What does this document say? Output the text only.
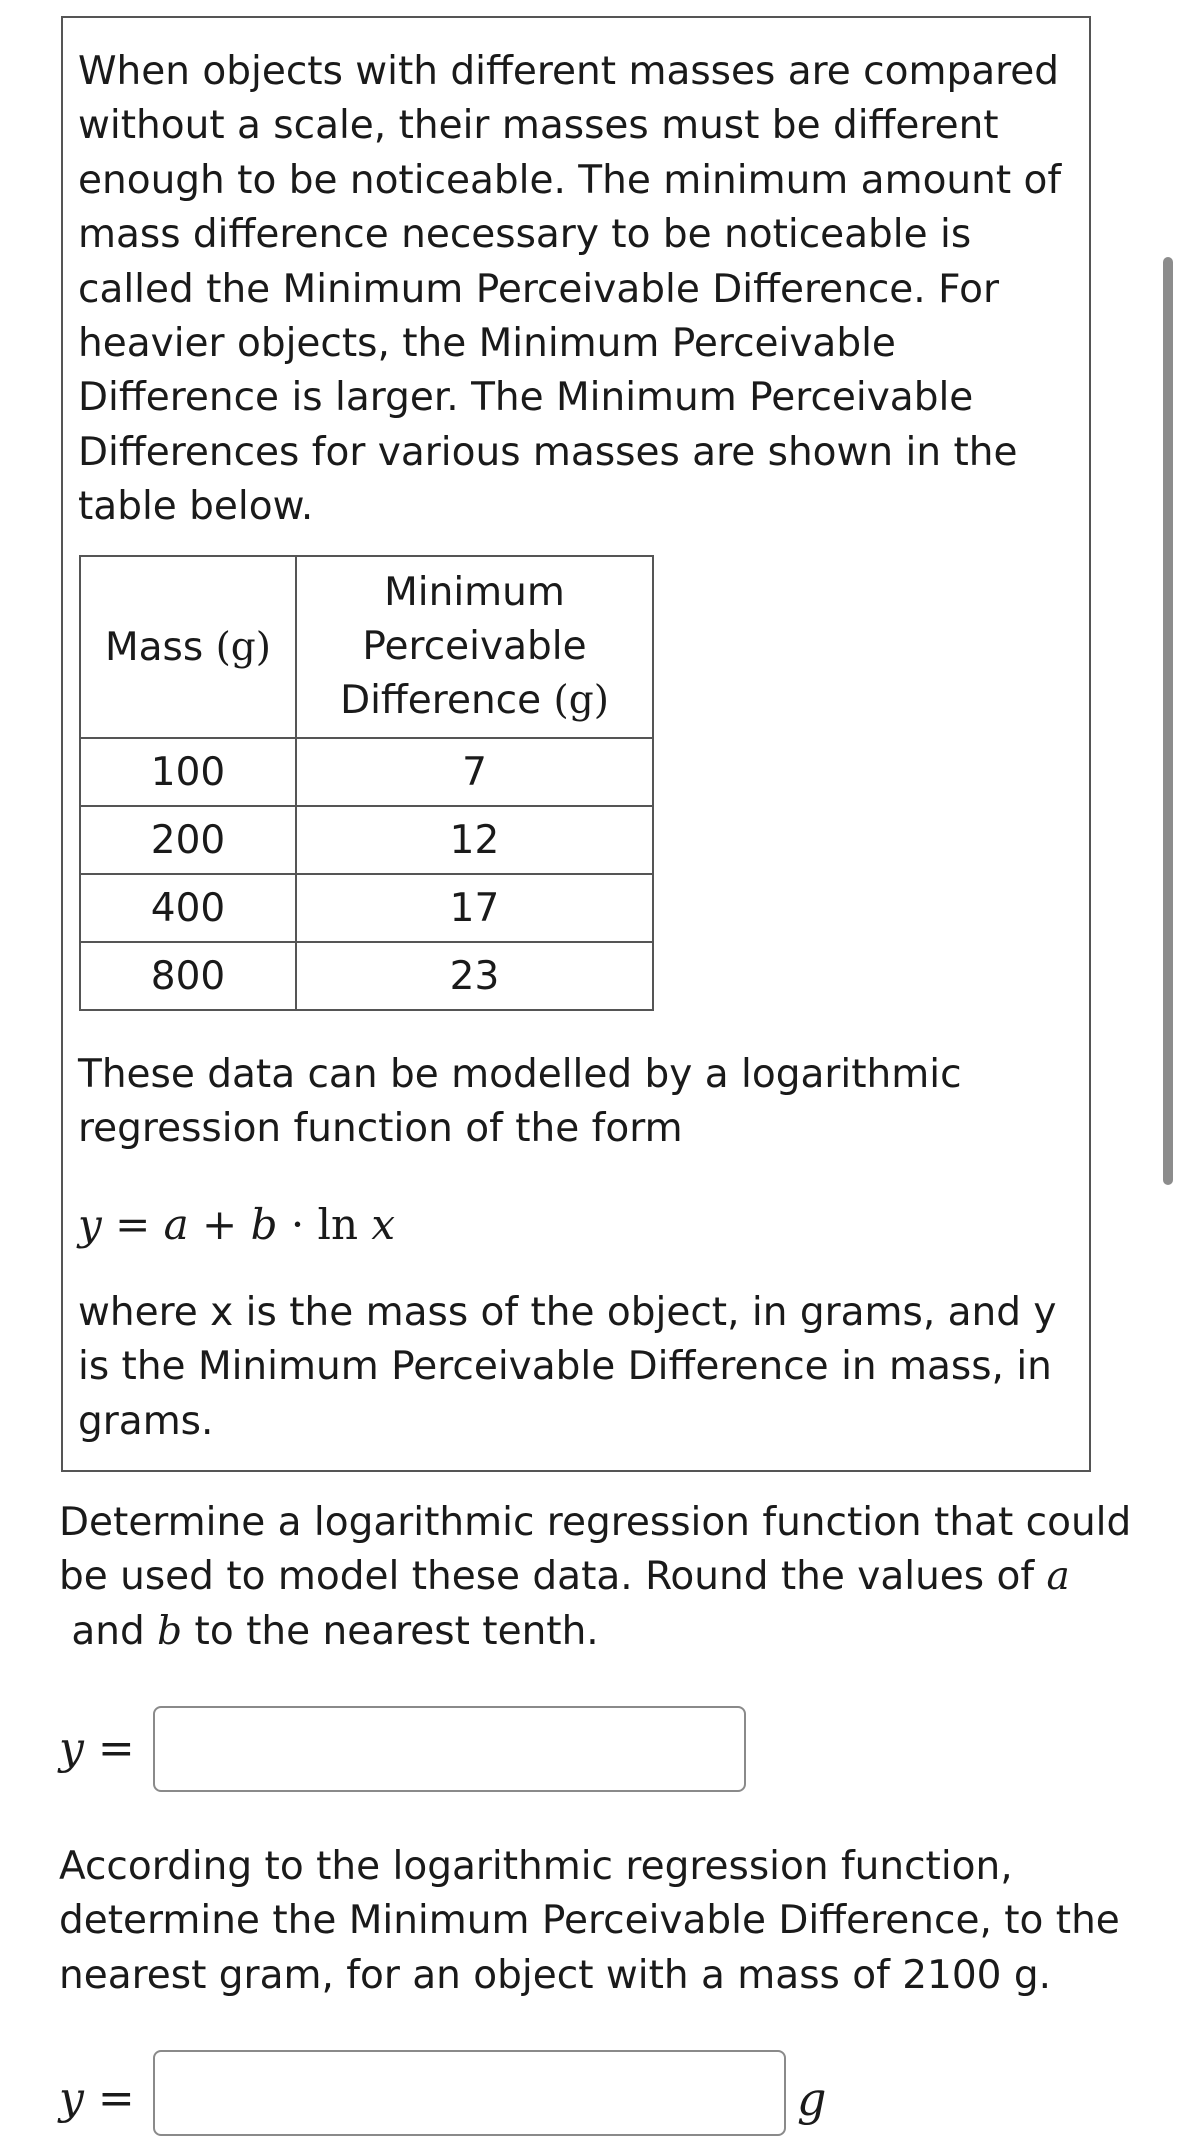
When objects with different masses are compared without a scale, their masses must be different enough to be noticeable. The minimum amount of mass difference necessary to be noticeable is called the Minimum Perceivable Difference. For heavier objects, the Minimum Perceivable Difference is larger. The Minimum Perceivable Differences for various masses are shown in the table below.

Mass (g)	Minimum
Perceivable
Difference (g)
100	7
200	12
400	17
800	23

These data can be modelled by a logarithmic regression function of the form

y = a + b · ln x

where x is the mass of the object, in grams, and y is the Minimum Perceivable Difference in mass, in grams.

Determine a logarithmic regression function that could be used to model these data. Round the values of a and b to the nearest tenth.

y =

According to the logarithmic regression function, determine the Minimum Perceivable Difference, to the nearest gram, for an object with a mass of 2100 g.

y =	g
